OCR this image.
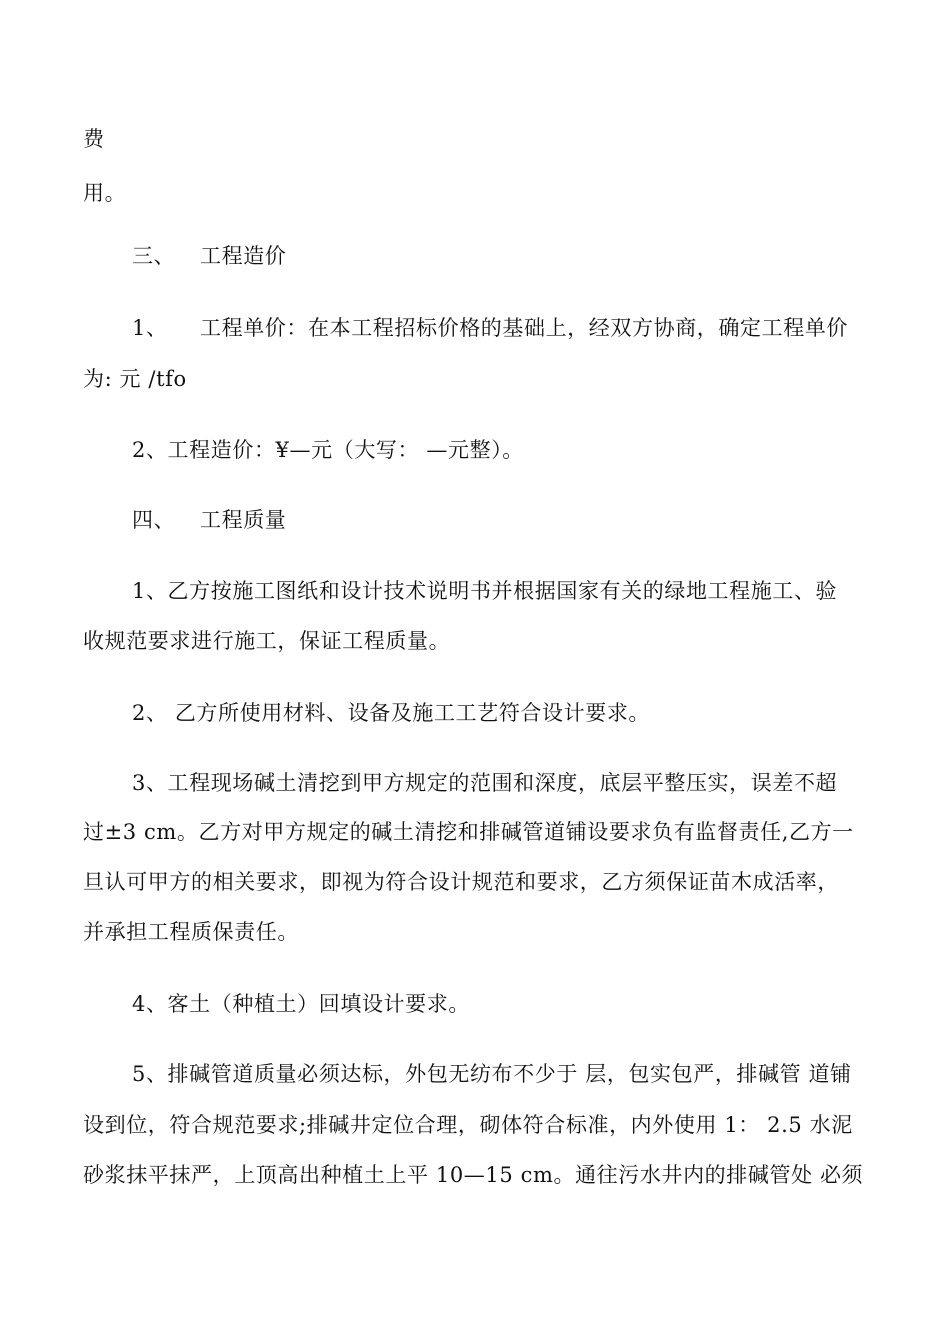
费
用。
三、 工程造价
1、 工程单价：在本工程招标价格的基础上，经双方协商，确定工程单价
为: 元 /tfo
2、工程造价：¥—元（大写： —元整）。
四、 工程质量
1、乙方按施工图纸和设计技术说明书并根据国家有关的绿地工程施工、验
收规范要求进行施工，保证工程质量。
2、 乙方所使用材料、设备及施工工艺符合设计要求。
3、工程现场碱土清挖到甲方规定的范围和深度，底层平整压实，误差不超
过±3 cm。乙方对甲方规定的碱土清挖和排碱管道铺设要求负有监督责任,乙方一
旦认可甲方的相关要求，即视为符合设计规范和要求，乙方须保证苗木成活率，
并承担工程质保责任。
4、客土（种植土）回填设计要求。
5、排碱管道质量必须达标，外包无纺布不少于 层，包实包严，排碱管 道铺
设到位，符合规范要求;排碱井定位合理，砌体符合标准，内外使用 1： 2.5 水泥
砂浆抹平抹严，上顶高出种植土上平 10—15 cm。通往污水井内的排碱管处 必须
